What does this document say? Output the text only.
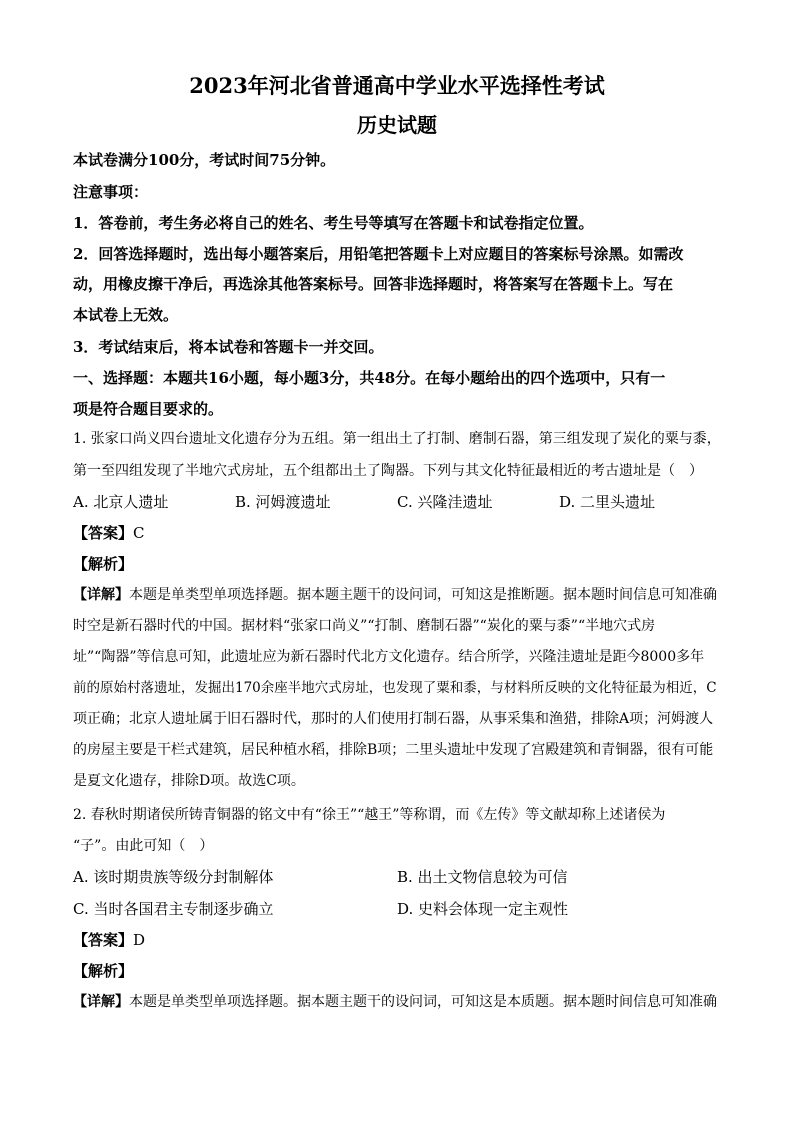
2023年河北省普通高中学业水平选择性考试
历史试题
本试卷满分100分，考试时间75分钟。
注意事项：
1．答卷前，考生务必将自己的姓名、考生号等填写在答题卡和试卷指定位置。
2．回答选择题时，选出每小题答案后，用铅笔把答题卡上对应题目的答案标号涂黑。如需改
动，用橡皮擦干净后，再选涂其他答案标号。回答非选择题时，将答案写在答题卡上。写在
本试卷上无效。
3．考试结束后，将本试卷和答题卡一并交回。
一、选择题：本题共16小题，每小题3分，共48分。在每小题给出的四个选项中，只有一
项是符合题目要求的。
1. 张家口尚义四台遗址文化遗存分为五组。第一组出土了打制、磨制石器，第三组发现了炭化的粟与黍，
第一至四组发现了半地穴式房址，五个组都出土了陶器。下列与其文化特征最相近的考古遗址是（　）
A. 北京人遗址	B. 河姆渡遗址	C. 兴隆洼遗址	D. 二里头遗址
【答案】C
【解析】
【详解】本题是单类型单项选择题。据本题主题干的设问词，可知这是推断题。据本题时间信息可知准确
时空是新石器时代的中国。据材料“张家口尚义”“打制、磨制石器”“炭化的粟与黍”“半地穴式房
址”“陶器”等信息可知，此遗址应为新石器时代北方文化遗存。结合所学，兴隆洼遗址是距今8000多年
前的原始村落遗址，发掘出170余座半地穴式房址，也发现了粟和黍，与材料所反映的文化特征最为相近，C
项正确；北京人遗址属于旧石器时代，那时的人们使用打制石器，从事采集和渔猎，排除A项；河姆渡人
的房屋主要是干栏式建筑，居民种植水稻，排除B项；二里头遗址中发现了宫殿建筑和青铜器，很有可能
是夏文化遗存，排除D项。故选C项。
2. 春秋时期诸侯所铸青铜器的铭文中有“徐王”“越王”等称谓，而《左传》等文献却称上述诸侯为
“子”。由此可知（　）
A. 该时期贵族等级分封制解体	B. 出土文物信息较为可信
C. 当时各国君主专制逐步确立	D. 史料会体现一定主观性
【答案】D
【解析】
【详解】本题是单类型单项选择题。据本题主题干的设问词，可知这是本质题。据本题时间信息可知准确
